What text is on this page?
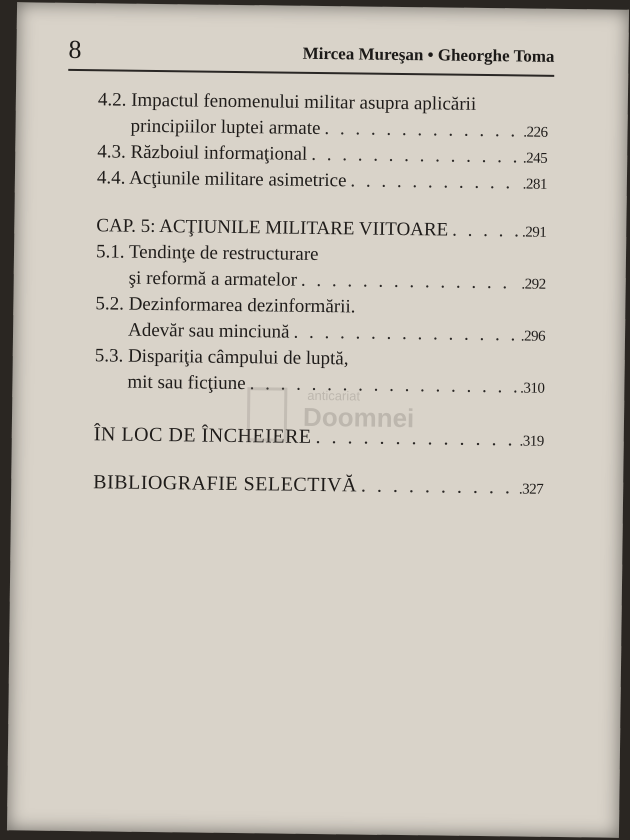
8	Mircea Mureşan • Gheorghe Toma
4.2. Impactul fenomenului militar asupra aplicării
principiilor luptei armate . . .	.226
4.3. Războiul informaţional . . .	.245
4.4. Acţiunile militare asimetrice . . .	.281
CAP. 5: ACŢIUNILE MILITARE VIITOARE . . .	.291
5.1. Tendinţe de restructurare
şi reformă a armatelor . . .	.292
5.2. Dezinformarea dezinformării.
Adevăr sau minciună . . .	.296
5.3. Dispariţia câmpului de luptă,
mit sau ficţiune . . .	.310
ÎN LOC DE ÎNCHEIERE . . .	.319
BIBLIOGRAFIE SELECTIVĂ . . .	.327
anticariat
Doomnei
